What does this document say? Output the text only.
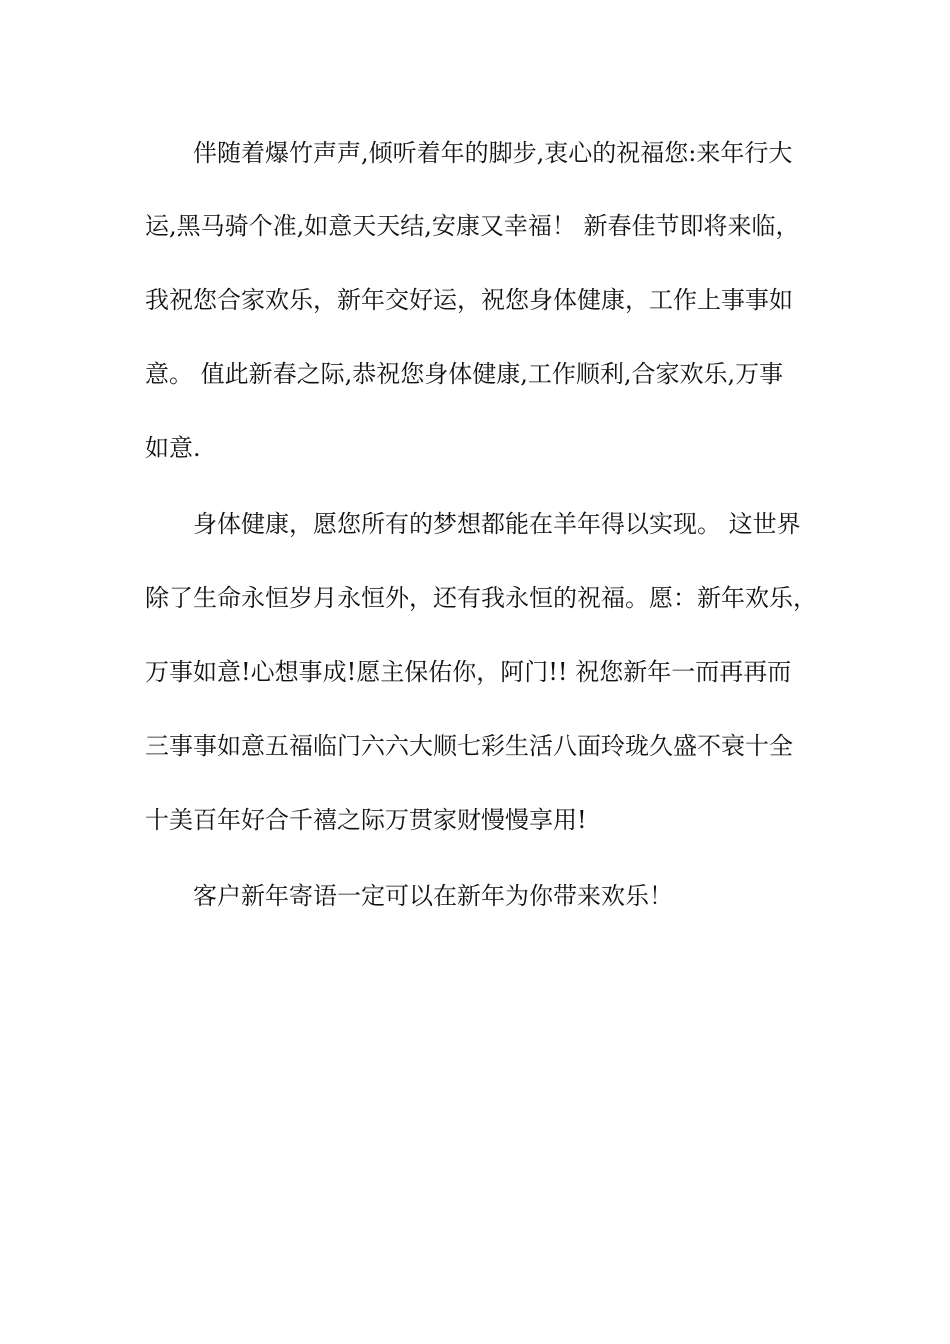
伴随着爆竹声声,倾听着年的脚步,衷心的祝福您:来年行大
运,黑马骑个准,如意天天结,安康又幸福！ 新春佳节即将来临，
我祝您合家欢乐，新年交好运，祝您身体健康，工作上事事如
意。 值此新春之际,恭祝您身体健康,工作顺利,合家欢乐,万事
如意.
身体健康，愿您所有的梦想都能在羊年得以实现。 这世界
除了生命永恒岁月永恒外，还有我永恒的祝福。愿：新年欢乐，
万事如意!心想事成!愿主保佑你，阿门!! 祝您新年一而再再而
三事事如意五福临门六六大顺七彩生活八面玲珑久盛不衰十全
十美百年好合千禧之际万贯家财慢慢享用!
客户新年寄语一定可以在新年为你带来欢乐！
